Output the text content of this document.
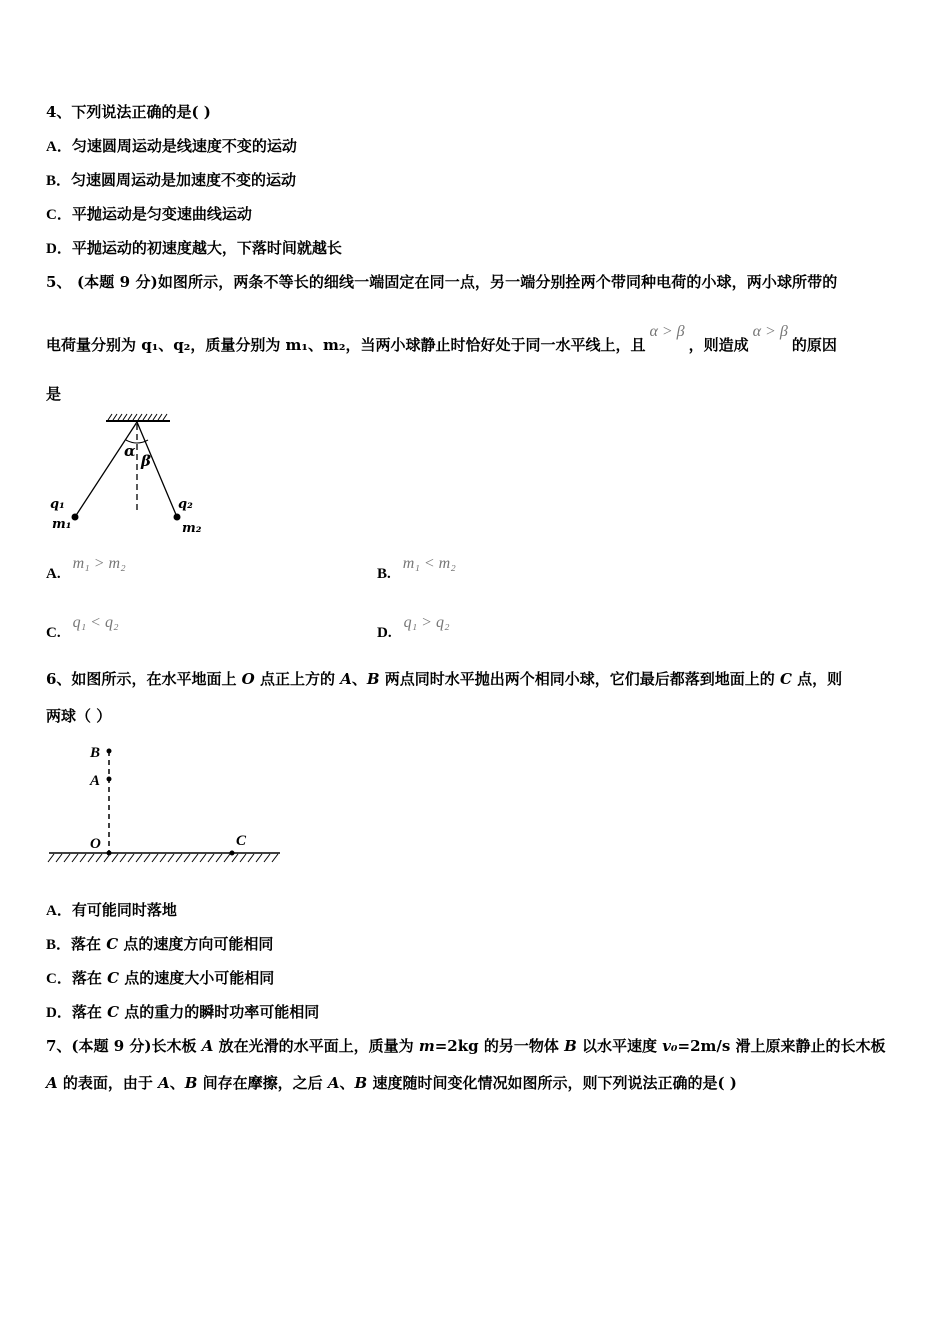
4、下列说法正确的是( )
A．匀速圆周运动是线速度不变的运动
B．匀速圆周运动是加速度不变的运动
C．平抛运动是匀变速曲线运动
D．平抛运动的初速度越大，下落时间就越长
5、 (本题 9 分)如图所示，两条不等长的细线一端固定在同一点，另一端分别拴两个带同种电荷的小球，两小球所带的
电荷量分别为 q₁、q₂，质量分别为 m₁、m₂，当两小球静止时恰好处于同一水平线上，且α > β，则造成α > β的原因
是
α
β
q₁
m₁
q₂
m₂
A.m₁ > m₂
B.m₁ < m₂
C.q₁ < q₂
D.q₁ > q₂
6、如图所示，在水平地面上 O 点正上方的 A、B 两点同时水平抛出两个相同小球，它们最后都落到地面上的 C 点，则
两球（ ）
B
A
O	C
A．有可能同时落地
B．落在 C 点的速度方向可能相同
C．落在 C 点的速度大小可能相同
D．落在 C 点的重力的瞬时功率可能相同
7、(本题 9 分)长木板 A 放在光滑的水平面上，质量为 m=2kg 的另一物体 B 以水平速度 v₀=2m/s 滑上原来静止的长木板
A 的表面，由于 A、B 间存在摩擦，之后 A、B 速度随时间变化情况如图所示，则下列说法正确的是( )
